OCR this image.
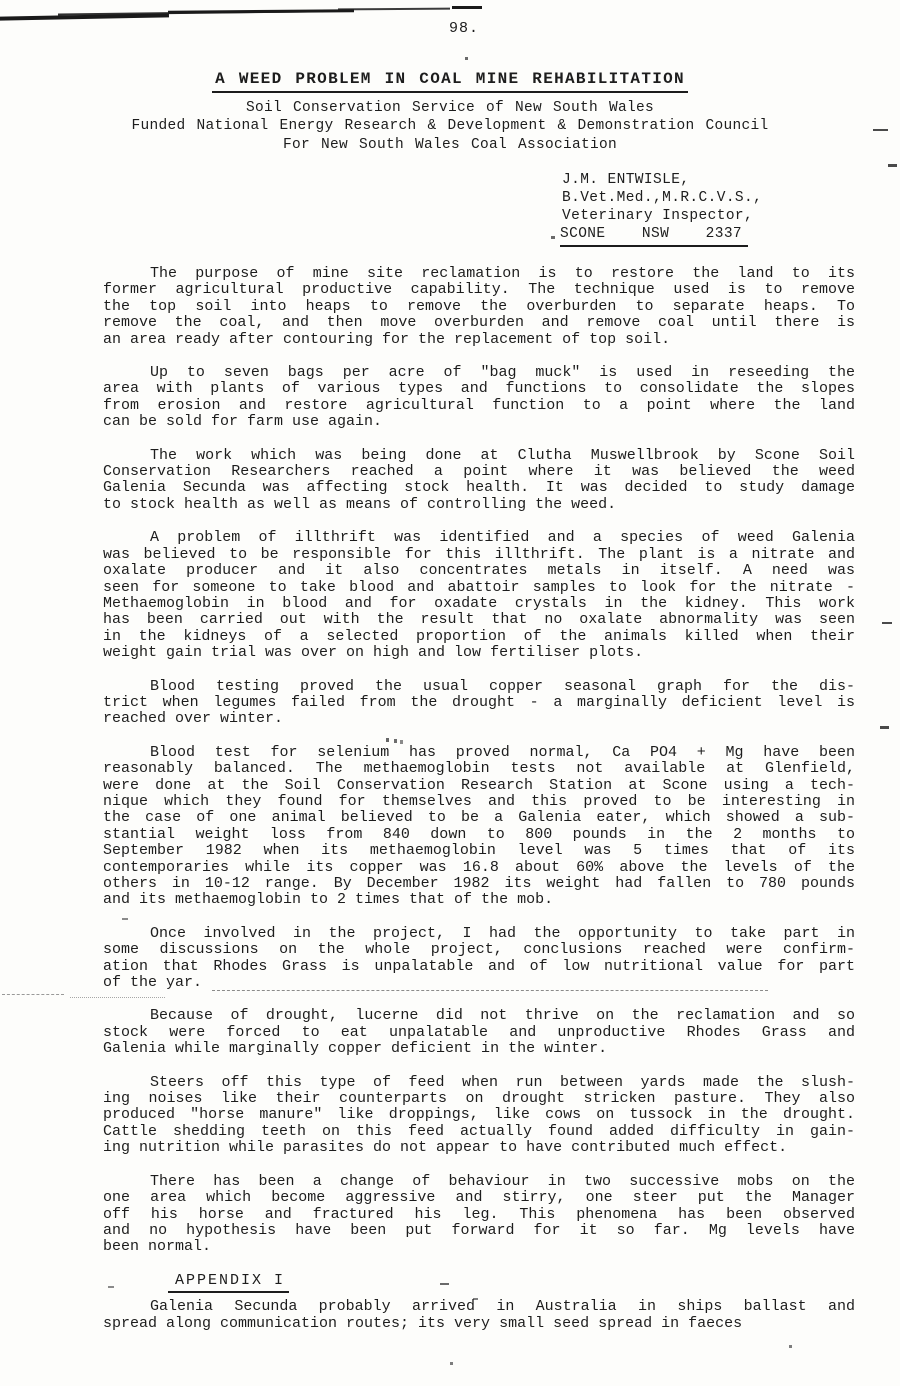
98.
A WEED PROBLEM IN COAL MINE REHABILITATION
Soil Conservation Service of New South Wales
Funded National Energy Research & Development & Demonstration Council
For New South Wales Coal Association
J.M. ENTWISLE,
B.Vet.Med.,M.R.C.V.S.,
Veterinary Inspector,
SCONE    NSW    2337
The purpose of mine site reclamation is to restore the land to its
former agricultural productive capability. The technique used is to remove
the top soil into heaps to remove the overburden to separate heaps. To
remove the coal, and then move overburden and remove coal until there is
an area ready after contouring for the replacement of top soil.
Up to seven bags per acre of "bag muck" is used in reseeding the
area with plants of various types and functions to consolidate the slopes
from erosion and restore agricultural function to a point where the land
can be sold for farm use again.
The work which was being done at Clutha Muswellbrook by Scone Soil
Conservation Researchers reached a point where it was believed the weed
Galenia Secunda was affecting stock health. It was decided to study damage
to stock health as well as means of controlling the weed.
A problem of illthrift was identified and a species of weed Galenia
was believed to be responsible for this illthrift. The plant is a nitrate and
oxalate producer and it also concentrates metals in itself. A need was
seen for someone to take blood and abattoir samples to look for the nitrate -
Methaemoglobin in blood and for oxadate crystals in the kidney. This work
has been carried out with the result that no oxalate abnormality was seen
in the kidneys of a selected proportion of the animals killed when their
weight gain trial was over on high and low fertiliser plots.
Blood testing proved the usual copper seasonal graph for the dis-
trict when legumes failed from the drought - a marginally deficient level is
reached over winter.
Blood test for selenium has proved normal, Ca PO4 + Mg have been
reasonably balanced. The methaemoglobin tests not available at Glenfield,
were done at the Soil Conservation Research Station at Scone using a tech-
nique which they found for themselves and this proved to be interesting in
the case of one animal believed to be a Galenia eater, which showed a sub-
stantial weight loss from 840 down to 800 pounds in the 2 months to
September 1982 when its methaemoglobin level was 5 times that of its
contemporaries while its copper was 16.8 about 60% above the levels of the
others in 10-12 range. By December 1982 its weight had fallen to 780 pounds
and its methaemoglobin to 2 times that of the mob.
Once involved in the project, I had the opportunity to take part in
some discussions on the whole project, conclusions reached were confirm-
ation that Rhodes Grass is unpalatable and of low nutritional value for part
of the yar.
Because of drought, lucerne did not thrive on the reclamation and so
stock were forced to eat unpalatable and unproductive Rhodes Grass and
Galenia while marginally copper deficient in the winter.
Steers off this type of feed when run between yards made the slush-
ing noises like their counterparts on drought stricken pasture. They also
produced "horse manure" like droppings, like cows on tussock in the drought.
Cattle shedding teeth on this feed actually found added difficulty in gain-
ing nutrition while parasites do not appear to have contributed much effect.
There has been a change of behaviour in two successive mobs on the
one area which become aggressive and stirry, one steer put the Manager
off his horse and fractured his leg. This phenomena has been observed
and no hypothesis have been put forward for it so far. Mg levels have
been normal.
APPENDIX I
Galenia Secunda probably arrived in Australia in ships ballast and
spread along communication routes; its very small seed spread in faeces
